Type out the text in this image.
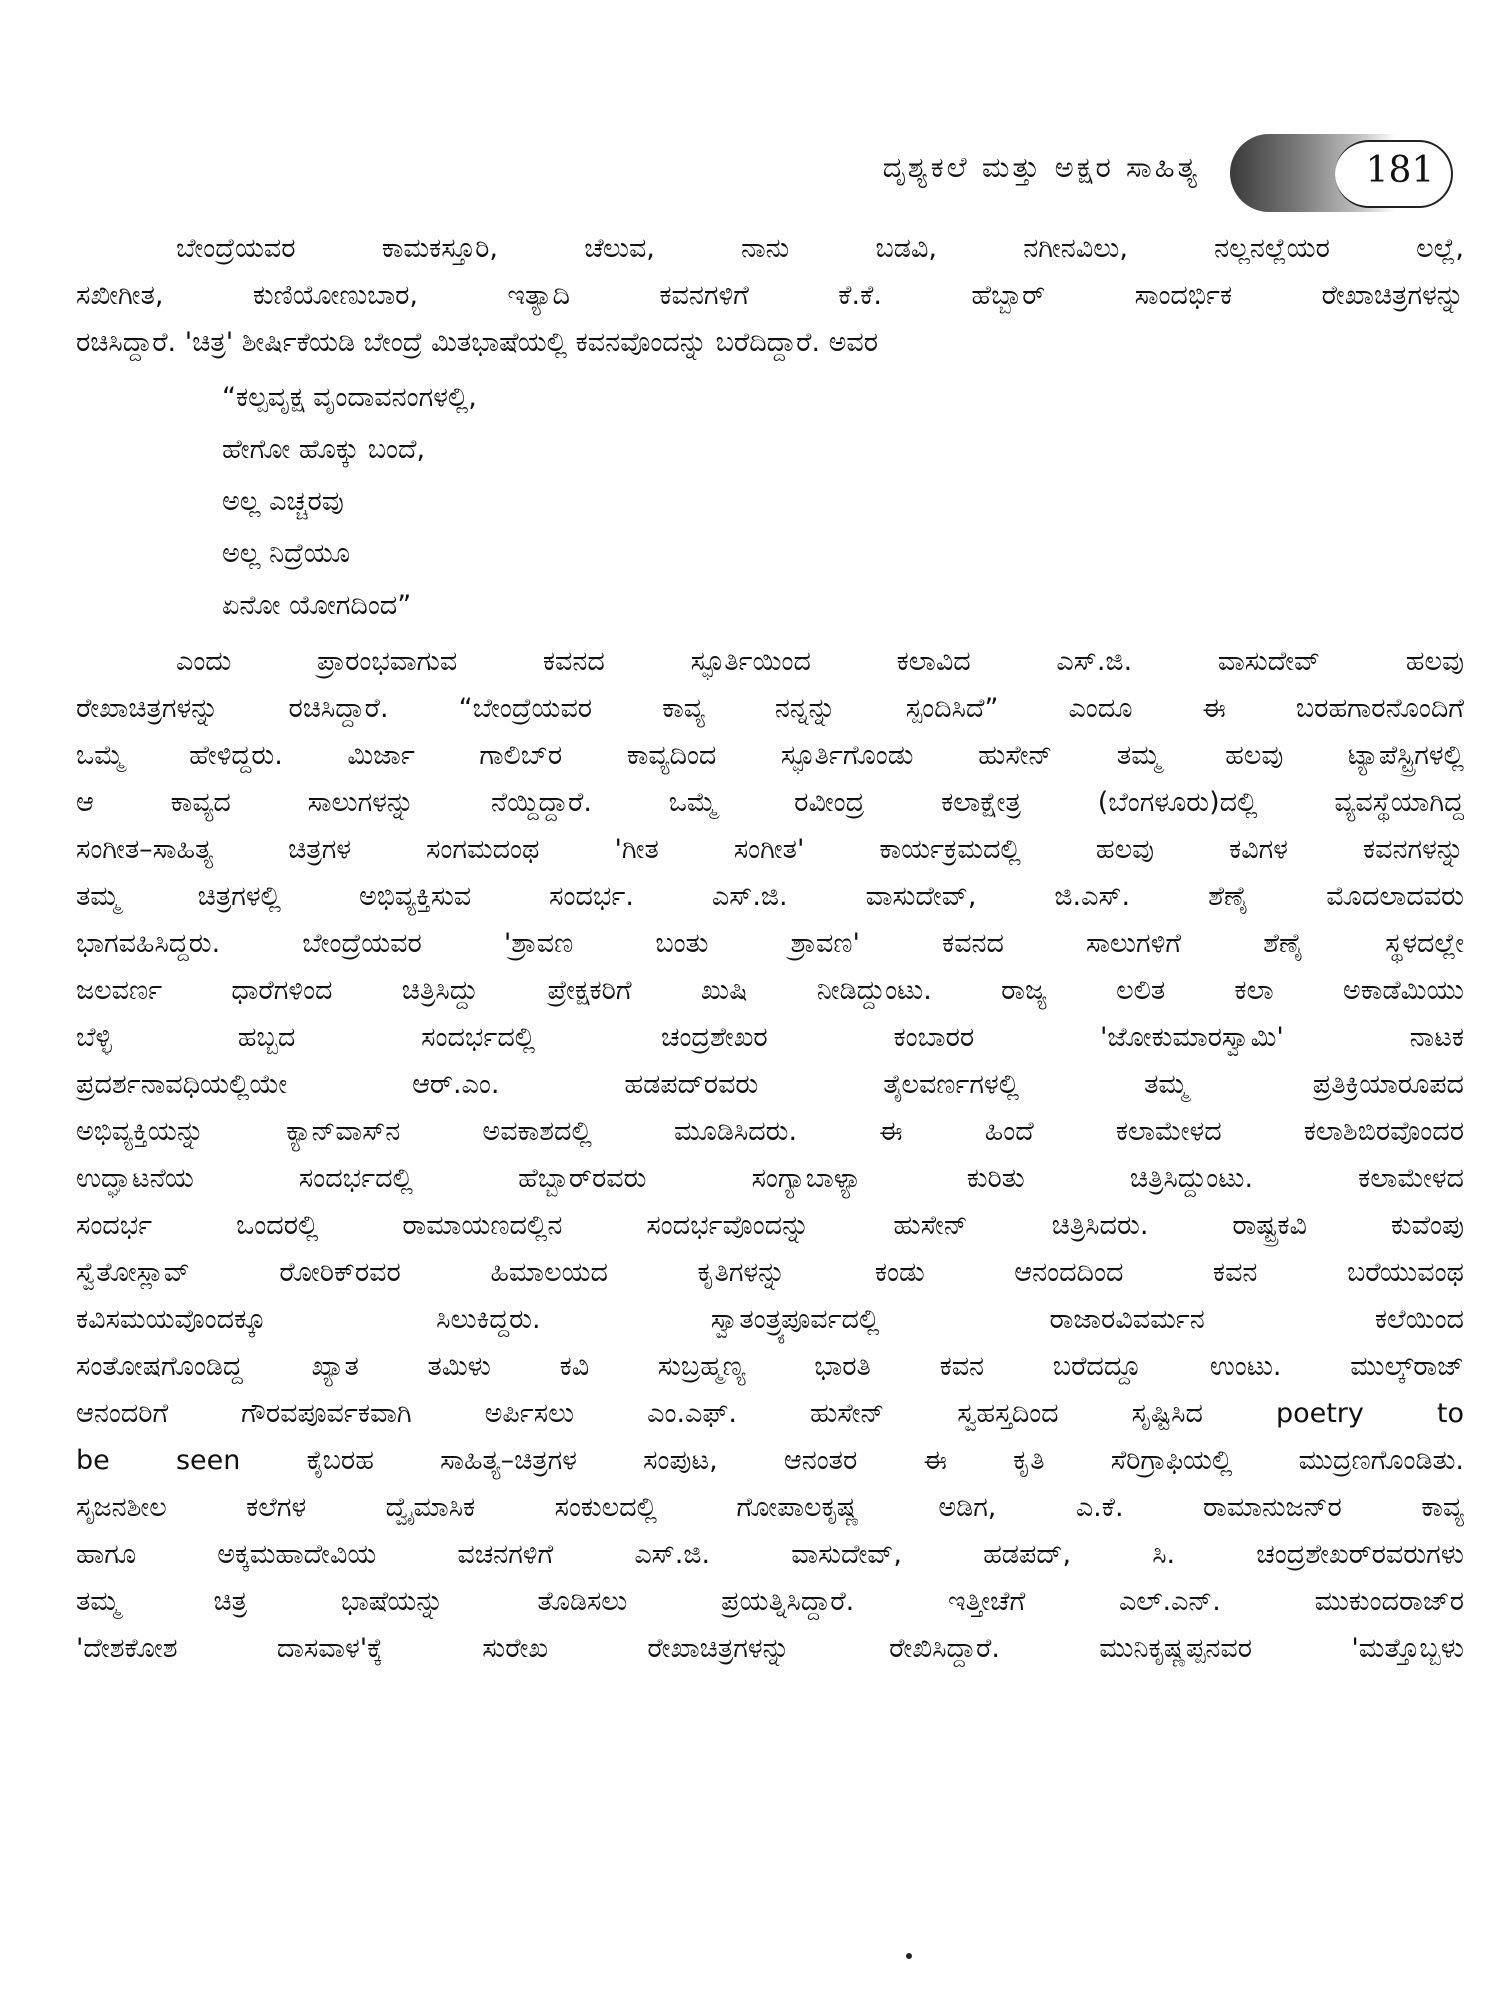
ದೃಶ್ಯಕಲೆ ಮತ್ತು ಅಕ್ಷರ ಸಾಹಿತ್ಯ	181
ಬೇಂದ್ರೆಯವರ ಕಾಮಕಸ್ತೂರಿ, ಚೆಲುವ, ನಾನು ಬಡವಿ, ನಗೀನವಿಲು, ನಲ್ಲನಲ್ಲೆಯರ ಲಲ್ಲೆ,
ಸಖೀಗೀತ, ಕುಣಿಯೋಣುಬಾರ, ಇತ್ಯಾದಿ ಕವನಗಳಿಗೆ ಕೆ.ಕೆ. ಹೆಬ್ಬಾರ್ ಸಾಂದರ್ಭಿಕ ರೇಖಾಚಿತ್ರಗಳನ್ನು
ರಚಿಸಿದ್ದಾರೆ. 'ಚಿತ್ರ' ಶೀರ್ಷಿಕೆಯಡಿ ಬೇಂದ್ರೆ ಮಿತಭಾಷೆಯಲ್ಲಿ ಕವನವೊಂದನ್ನು ಬರೆದಿದ್ದಾರೆ. ಅವರ
“ಕಲ್ಪವೃಕ್ಷ ವೃಂದಾವನಂಗಳಲ್ಲಿ,
ಹೇಗೋ ಹೊಕ್ಕು ಬಂದೆ,
ಅಲ್ಲ ಎಚ್ಚರವು
ಅಲ್ಲ ನಿದ್ರೆಯೂ
ಏನೋ ಯೋಗದಿಂದ”
ಎಂದು ಪ್ರಾರಂಭವಾಗುವ ಕವನದ ಸ್ಫೂರ್ತಿಯಿಂದ ಕಲಾವಿದ ಎಸ್.ಜಿ. ವಾಸುದೇವ್ ಹಲವು
ರೇಖಾಚಿತ್ರಗಳನ್ನು ರಚಿಸಿದ್ದಾರೆ. “ಬೇಂದ್ರೆಯವರ ಕಾವ್ಯ ನನ್ನನ್ನು ಸ್ಪಂದಿಸಿದೆ” ಎಂದೂ ಈ ಬರಹಗಾರನೊಂದಿಗೆ
ಒಮ್ಮೆ ಹೇಳಿದ್ದರು. ಮಿರ್ಜಾ ಗಾಲಿಬ್‌ರ ಕಾವ್ಯದಿಂದ ಸ್ಫೂರ್ತಿಗೊಂಡು ಹುಸೇನ್ ತಮ್ಮ ಹಲವು ಟ್ಯಾಪೆಸ್ಟ್ರಿಗಳಲ್ಲಿ
ಆ ಕಾವ್ಯದ ಸಾಲುಗಳನ್ನು ನೆಯ್ದಿದ್ದಾರೆ. ಒಮ್ಮೆ ರವೀಂದ್ರ ಕಲಾಕ್ಷೇತ್ರ (ಬೆಂಗಳೂರು)ದಲ್ಲಿ ವ್ಯವಸ್ಥೆಯಾಗಿದ್ದ
ಸಂಗೀತ–ಸಾಹಿತ್ಯ ಚಿತ್ರಗಳ ಸಂಗಮದಂಥ 'ಗೀತ ಸಂಗೀತ' ಕಾರ್ಯಕ್ರಮದಲ್ಲಿ ಹಲವು ಕವಿಗಳ ಕವನಗಳನ್ನು
ತಮ್ಮ ಚಿತ್ರಗಳಲ್ಲಿ ಅಭಿವ್ಯಕ್ತಿಸುವ ಸಂದರ್ಭ. ಎಸ್.ಜಿ. ವಾಸುದೇವ್, ಜಿ.ಎಸ್. ಶೆಣೈ ಮೊದಲಾದವರು
ಭಾಗವಹಿಸಿದ್ದರು. ಬೇಂದ್ರೆಯವರ 'ಶ್ರಾವಣ ಬಂತು ಶ್ರಾವಣ' ಕವನದ ಸಾಲುಗಳಿಗೆ ಶೆಣೈ ಸ್ಥಳದಲ್ಲೇ
ಜಲವರ್ಣ ಧಾರೆಗಳಿಂದ ಚಿತ್ರಿಸಿದ್ದು ಪ್ರೇಕ್ಷಕರಿಗೆ ಖುಷಿ ನೀಡಿದ್ದುಂಟು. ರಾಜ್ಯ ಲಲಿತ ಕಲಾ ಅಕಾಡೆಮಿಯು
ಬೆಳ್ಳಿ ಹಬ್ಬದ ಸಂದರ್ಭದಲ್ಲಿ ಚಂದ್ರಶೇಖರ ಕಂಬಾರರ 'ಜೋಕುಮಾರಸ್ವಾಮಿ' ನಾಟಕ
ಪ್ರದರ್ಶನಾವಧಿಯಲ್ಲಿಯೇ ಆರ್.ಎಂ. ಹಡಪದ್‌ರವರು ತೈಲವರ್ಣಗಳಲ್ಲಿ ತಮ್ಮ ಪ್ರತಿಕ್ರಿಯಾರೂಪದ
ಅಭಿವ್ಯಕ್ತಿಯನ್ನು ಕ್ಯಾನ್‌ವಾಸ್‌ನ ಅವಕಾಶದಲ್ಲಿ ಮೂಡಿಸಿದರು. ಈ ಹಿಂದೆ ಕಲಾಮೇಳದ ಕಲಾಶಿಬಿರವೊಂದರ
ಉದ್ಘಾಟನೆಯ ಸಂದರ್ಭದಲ್ಲಿ ಹೆಬ್ಬಾರ್‌ರವರು ಸಂಗ್ಯಾಬಾಳ್ಯಾ ಕುರಿತು ಚಿತ್ರಿಸಿದ್ದುಂಟು. ಕಲಾಮೇಳದ
ಸಂದರ್ಭ ಒಂದರಲ್ಲಿ ರಾಮಾಯಣದಲ್ಲಿನ ಸಂದರ್ಭವೊಂದನ್ನು ಹುಸೇನ್ ಚಿತ್ರಿಸಿದರು. ರಾಷ್ಟ್ರಕವಿ ಕುವೆಂಪು
ಸ್ವೆತೋಸ್ಲಾವ್ ರೋರಿಕ್‌ರವರ ಹಿಮಾಲಯದ ಕೃತಿಗಳನ್ನು ಕಂಡು ಆನಂದದಿಂದ ಕವನ ಬರೆಯುವಂಥ
ಕವಿಸಮಯವೊಂದಕ್ಕೂ ಸಿಲುಕಿದ್ದರು. ಸ್ವಾತಂತ್ರ್ಯಪೂರ್ವದಲ್ಲಿ ರಾಜಾರವಿವರ್ಮನ ಕಲೆಯಿಂದ
ಸಂತೋಷಗೊಂಡಿದ್ದ ಖ್ಯಾತ ತಮಿಳು ಕವಿ ಸುಬ್ರಹ್ಮಣ್ಯ ಭಾರತಿ ಕವನ ಬರೆದದ್ದೂ ಉಂಟು. ಮುಲ್ಕ್‌ರಾಜ್
ಆನಂದರಿಗೆ ಗೌರವಪೂರ್ವಕವಾಗಿ ಅರ್ಪಿಸಲು ಎಂ.ಎಫ್. ಹುಸೇನ್ ಸ್ವಹಸ್ತದಿಂದ ಸೃಷ್ಟಿಸಿದ poetry to
be seen ಕೈಬರಹ ಸಾಹಿತ್ಯ–ಚಿತ್ರಗಳ ಸಂಪುಟ, ಆನಂತರ ಈ ಕೃತಿ ಸೆರಿಗ್ರಾಫಿಯಲ್ಲಿ ಮುದ್ರಣಗೊಂಡಿತು.
ಸೃಜನಶೀಲ ಕಲೆಗಳ ದ್ವೈಮಾಸಿಕ ಸಂಕುಲದಲ್ಲಿ ಗೋಪಾಲಕೃಷ್ಣ ಅಡಿಗ, ಎ.ಕೆ. ರಾಮಾನುಜನ್‌ರ ಕಾವ್ಯ
ಹಾಗೂ ಅಕ್ಕಮಹಾದೇವಿಯ ವಚನಗಳಿಗೆ ಎಸ್.ಜಿ. ವಾಸುದೇವ್, ಹಡಪದ್, ಸಿ. ಚಂದ್ರಶೇಖರ್‌ರವರುಗಳು
ತಮ್ಮ ಚಿತ್ರ ಭಾಷೆಯನ್ನು ತೊಡಿಸಲು ಪ್ರಯತ್ನಿಸಿದ್ದಾರೆ. ಇತ್ತೀಚೆಗೆ ಎಲ್.ಎನ್. ಮುಕುಂದರಾಜ್‌ರ
'ದೇಶಕೋಶ ದಾಸವಾಳ'ಕ್ಕೆ ಸುರೇಖ ರೇಖಾಚಿತ್ರಗಳನ್ನು ರೇಖಿಸಿದ್ದಾರೆ. ಮುನಿಕೃಷ್ಣಪ್ಪನವರ 'ಮತ್ತೊಬ್ಬಳು
